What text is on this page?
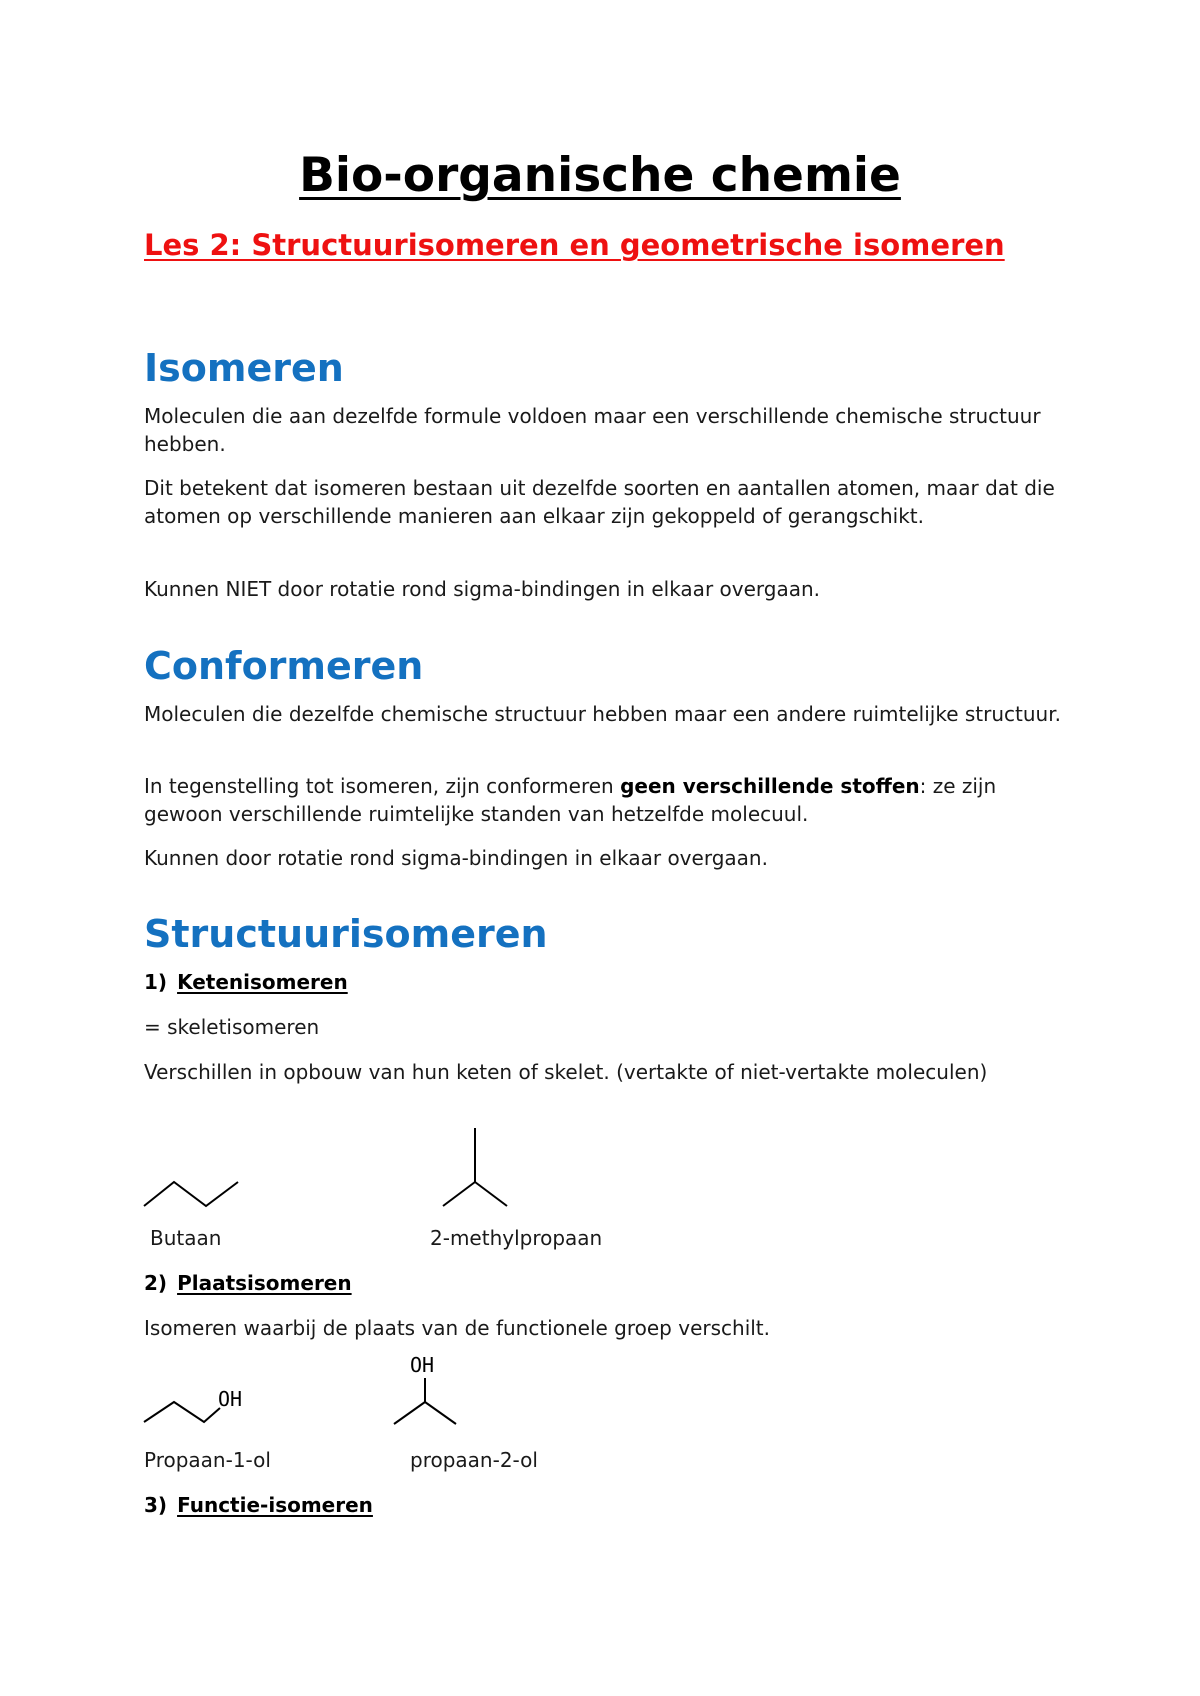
Bio-organische chemie

Les 2: Structuurisomeren en geometrische isomeren

Isomeren

Moleculen die aan dezelfde formule voldoen maar een verschillende chemische structuur hebben.

Dit betekent dat isomeren bestaan uit dezelfde soorten en aantallen atomen, maar dat die atomen op verschillende manieren aan elkaar zijn gekoppeld of gerangschikt.

Kunnen NIET door rotatie rond sigma-bindingen in elkaar overgaan.

Conformeren

Moleculen die dezelfde chemische structuur hebben maar een andere ruimtelijke structuur.

In tegenstelling tot isomeren, zijn conformeren geen verschillende stoffen: ze zijn gewoon verschillende ruimtelijke standen van hetzelfde molecuul.

Kunnen door rotatie rond sigma-bindingen in elkaar overgaan.

Structuurisomeren

1) Ketenisomeren

= skeletisomeren

Verschillen in opbouw van hun keten of skelet. (vertakte of niet-vertakte moleculen)

Butaan	2-methylpropaan

2) Plaatsisomeren

Isomeren waarbij de plaats van de functionele groep verschilt.

OH
OH

Propaan-1-ol	propaan-2-ol

3) Functie-isomeren
